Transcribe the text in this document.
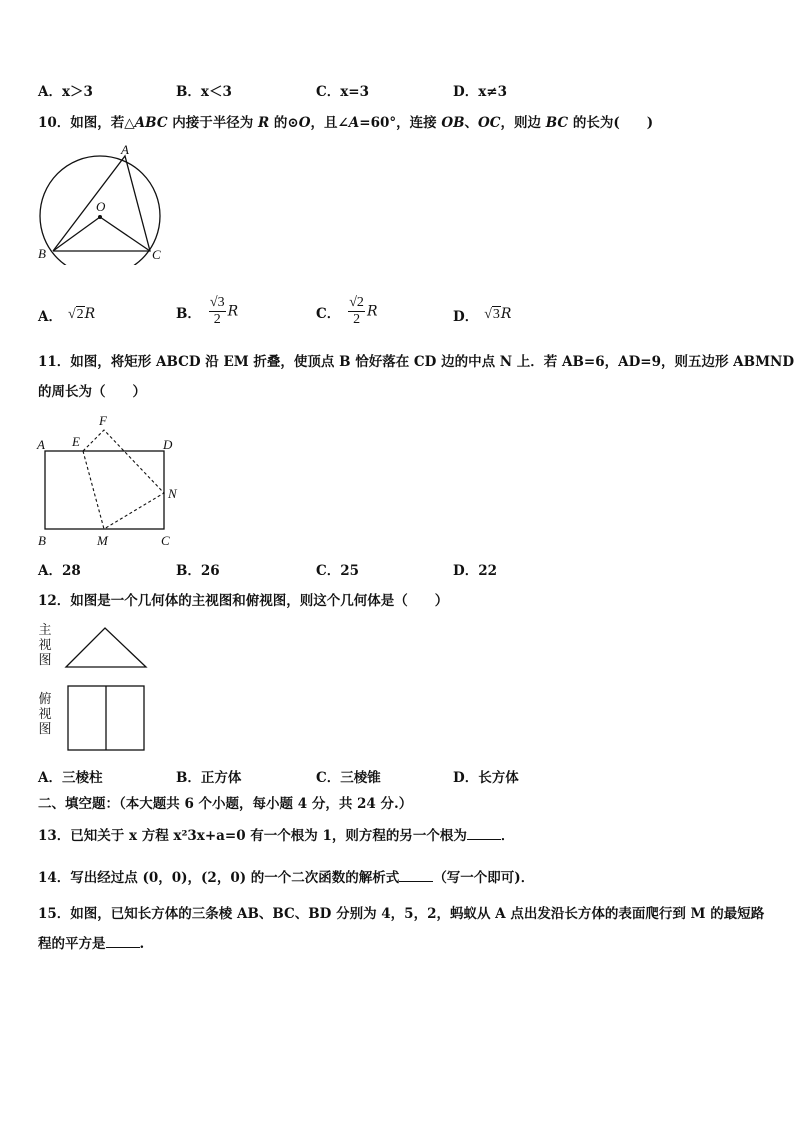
A．x＞3	B．x＜3	C．x=3	D．x≠3
10．如图，若△ABC 内接于半径为 R 的⊙O，且∠A=60°，连接 OB、OC，则边 BC 的长为(　　)
A
O
B	C
A． √2R	B． $\frac{√3}{2}$ R	C． $\frac{√2}{2}$ R	D． √3R
11．如图，将矩形 ABCD 沿 EM 折叠，使顶点 B 恰好落在 CD 边的中点 N 上．若 AB=6，AD=9，则五边形 ABMND
的周长为（　　）
A E
F
D
N
B	M	C
A．28	B．26	C．25	D．22
12．如图是一个几何体的主视图和俯视图，则这个几何体是（　　）
主
视
图
俯
视
图
A．三棱柱	B．正方体	C．三棱锥	D．长方体
二、填空题：（本大题共 6 个小题，每小题 4 分，共 24 分.）
13．已知关于 x 方程 x²3x+a=0 有一个根为 1，则方程的另一个根为	．
14．写出经过点 (0，0)，(2，0) 的一个二次函数的解析式	（写一个即可)．
15．如图，已知长方体的三条棱 AB、BC、BD 分别为 4，5，2，蚂蚁从 A 点出发沿长方体的表面爬行到 M 的最短路
程的平方是	.
